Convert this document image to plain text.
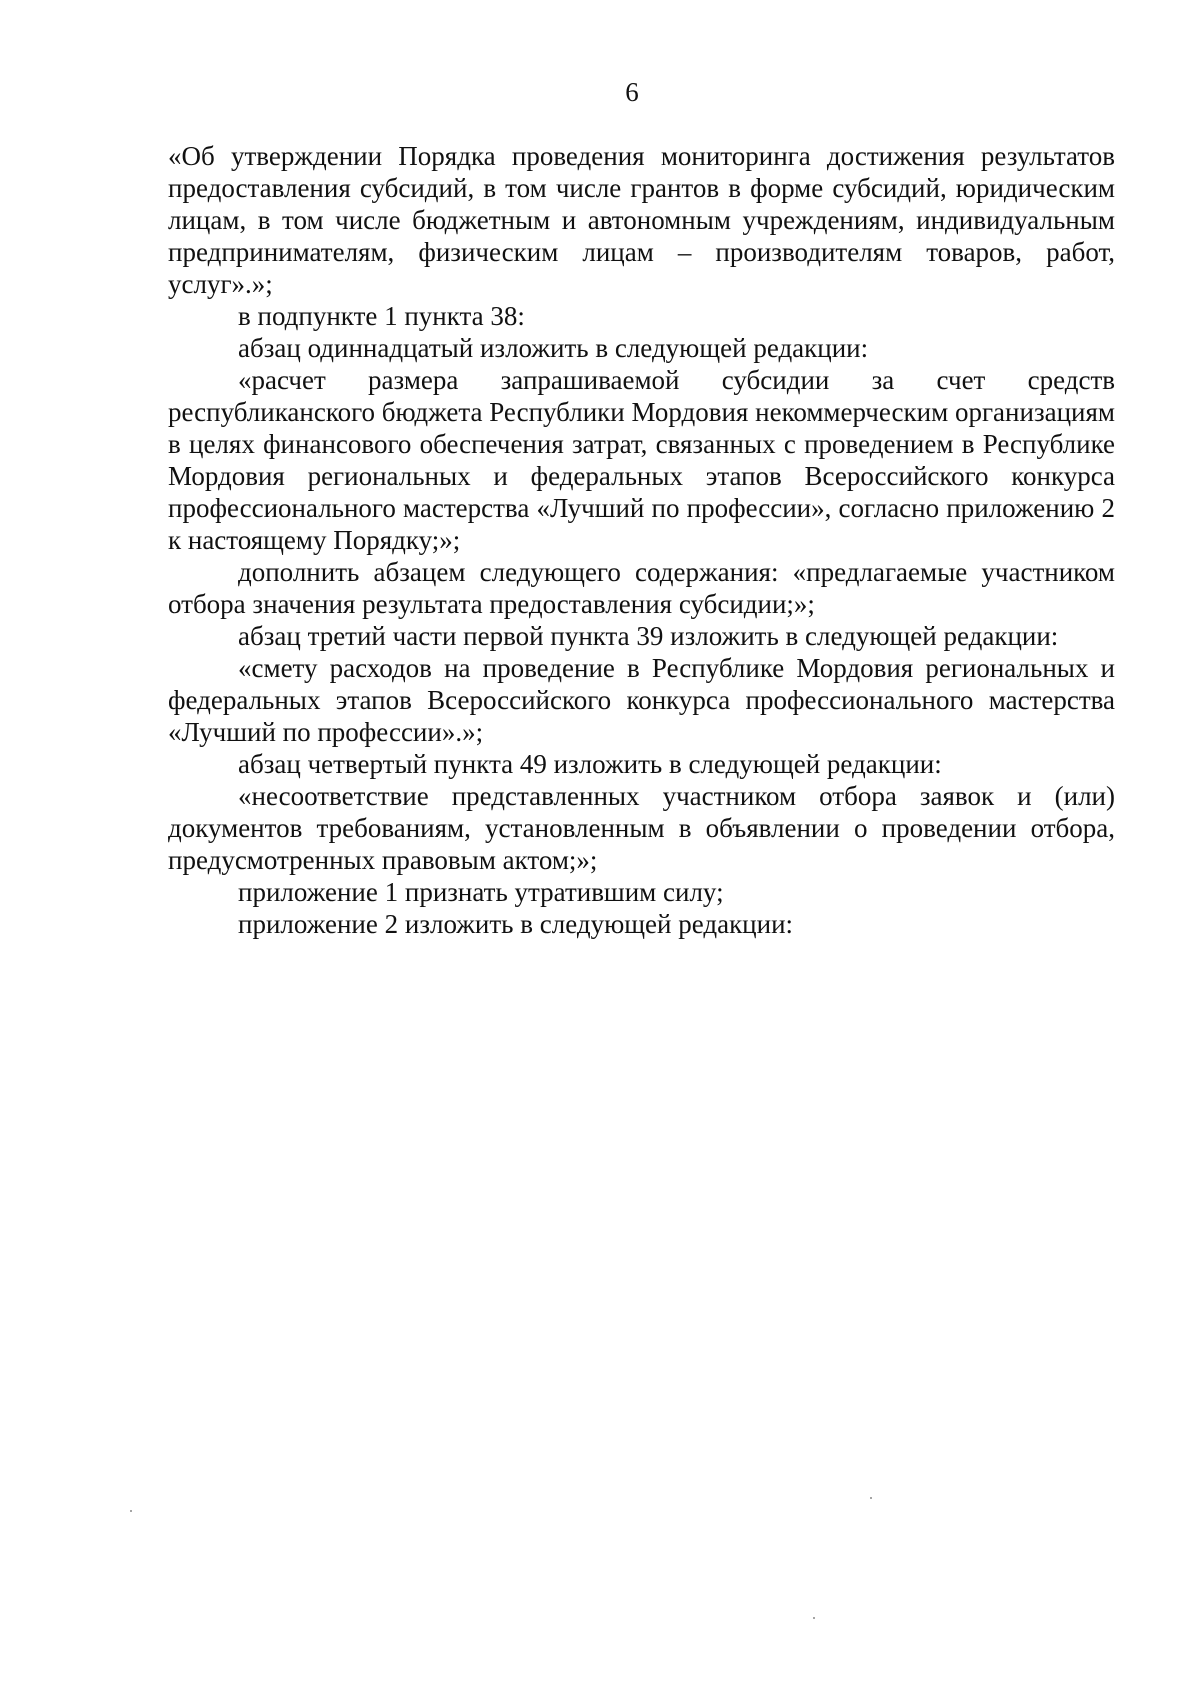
6

«Об утверждении Порядка проведения мониторинга достижения результатов предоставления субсидий, в том числе грантов в форме субсидий, юридическим лицам, в том числе бюджетным и автономным учреждениям, индивидуальным предпринимателям, физическим лицам – производителям товаров, работ, услуг».»;

в подпункте 1 пункта 38:

абзац одиннадцатый изложить в следующей редакции:

«расчет размера запрашиваемой субсидии за счет средств республиканского бюджета Республики Мордовия некоммерческим организациям в целях финансового обеспечения затрат, связанных с проведением в Республике Мордовия региональных и федеральных этапов Всероссийского конкурса профессионального мастерства «Лучший по профессии», согласно приложению 2 к настоящему Порядку;»;

дополнить абзацем следующего содержания: «предлагаемые участником отбора значения результата предоставления субсидии;»;

абзац третий части первой пункта 39 изложить в следующей редакции:

«смету расходов на проведение в Республике Мордовия региональных и федеральных этапов Всероссийского конкурса профессионального мастерства «Лучший по профессии».»;

абзац четвертый пункта 49 изложить в следующей редакции:

«несоответствие представленных участником отбора заявок и (или) документов требованиям, установленным в объявлении о проведении отбора, предусмотренных правовым актом;»;

приложение 1 признать утратившим силу;

приложение 2 изложить в следующей редакции:
